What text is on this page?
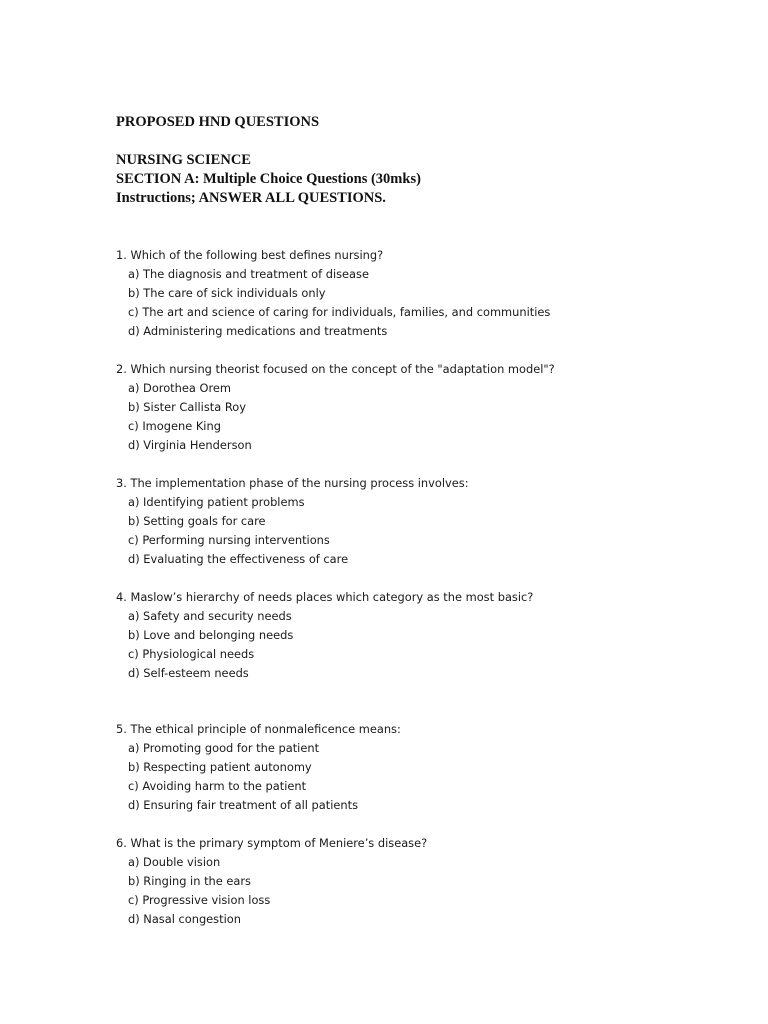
PROPOSED HND QUESTIONS
NURSING SCIENCE
SECTION A: Multiple Choice Questions (30mks)
Instructions; ANSWER ALL QUESTIONS.
1. Which of the following best defines nursing?
a) The diagnosis and treatment of disease
b) The care of sick individuals only
c) The art and science of caring for individuals, families, and communities
d) Administering medications and treatments
2. Which nursing theorist focused on the concept of the "adaptation model"?
a) Dorothea Orem
b) Sister Callista Roy
c) Imogene King
d) Virginia Henderson
3. The implementation phase of the nursing process involves:
a) Identifying patient problems
b) Setting goals for care
c) Performing nursing interventions
d) Evaluating the effectiveness of care
4. Maslow’s hierarchy of needs places which category as the most basic?
a) Safety and security needs
b) Love and belonging needs
c) Physiological needs
d) Self-esteem needs
5. The ethical principle of nonmaleficence means:
a) Promoting good for the patient
b) Respecting patient autonomy
c) Avoiding harm to the patient
d) Ensuring fair treatment of all patients
6. What is the primary symptom of Meniere’s disease?
a) Double vision
b) Ringing in the ears
c) Progressive vision loss
d) Nasal congestion
